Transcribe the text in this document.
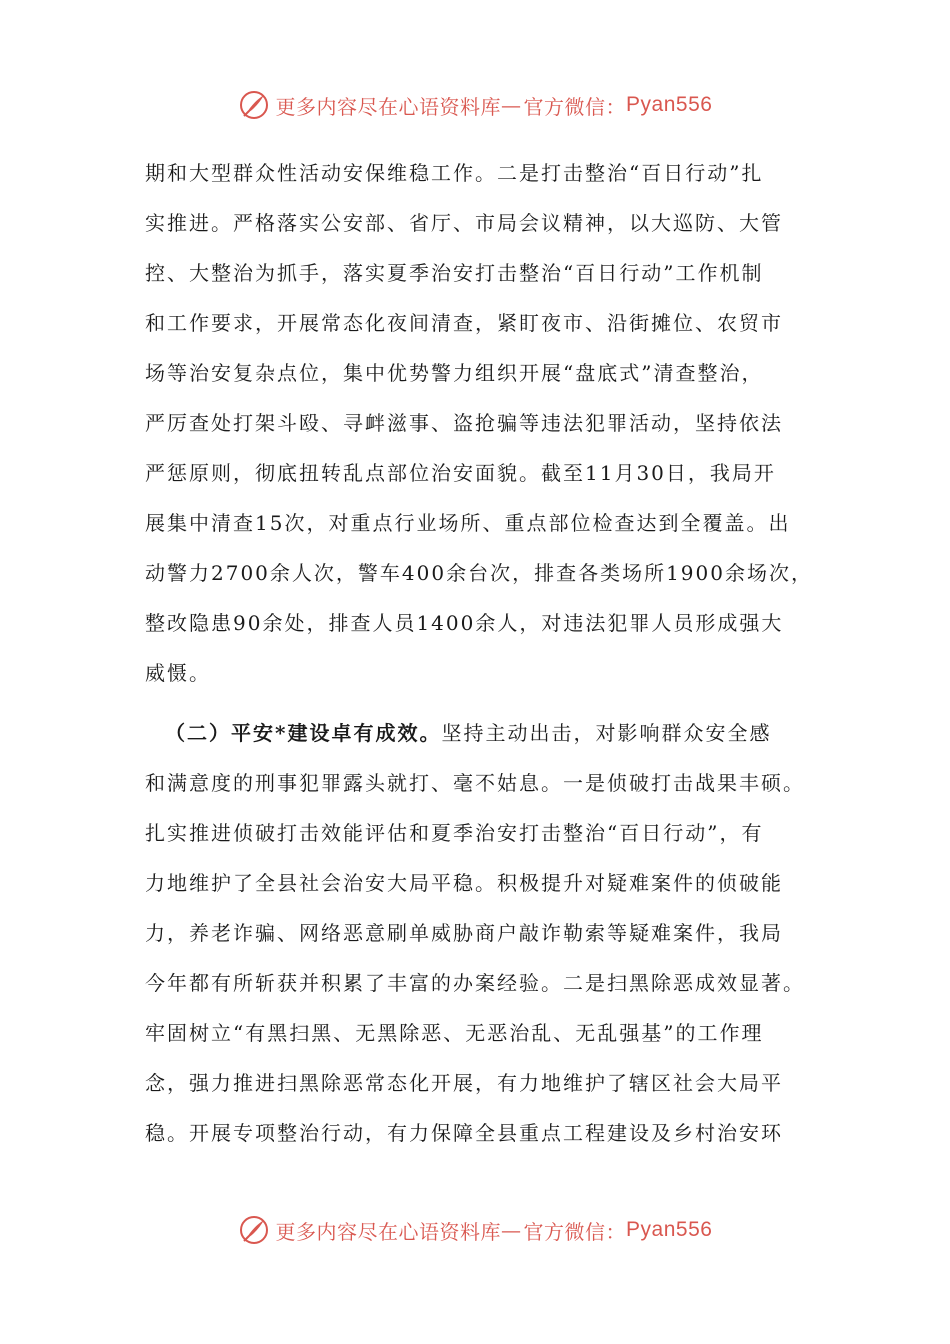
更多内容尽在心语资料库 — 官方微信： Pyan556
期和大型群众性活动安保维稳工作。二是打击整治“百日行动”扎
实推进。严格落实公安部、省厅、市局会议精神，以大巡防、大管
控、大整治为抓手，落实夏季治安打击整治“百日行动”工作机制
和工作要求，开展常态化夜间清查，紧盯夜市、沿街摊位、农贸市
场等治安复杂点位，集中优势警力组织开展“盘底式”清查整治，
严厉查处打架斗殴、寻衅滋事、盗抢骗等违法犯罪活动，坚持依法
严惩原则，彻底扭转乱点部位治安面貌。截至11月30日，我局开
展集中清查15次，对重点行业场所、重点部位检查达到全覆盖。出
动警力2700余人次，警车400余台次，排查各类场所1900余场次，
整改隐患90余处，排查人员1400余人，对违法犯罪人员形成强大
威慑。
（二）平安*建设卓有成效。坚持主动出击，对影响群众安全感
和满意度的刑事犯罪露头就打、毫不姑息。一是侦破打击战果丰硕。
扎实推进侦破打击效能评估和夏季治安打击整治“百日行动”，有
力地维护了全县社会治安大局平稳。积极提升对疑难案件的侦破能
力，养老诈骗、网络恶意刷单威胁商户敲诈勒索等疑难案件，我局
今年都有所斩获并积累了丰富的办案经验。二是扫黑除恶成效显著。
牢固树立“有黑扫黑、无黑除恶、无恶治乱、无乱强基”的工作理
念，强力推进扫黑除恶常态化开展，有力地维护了辖区社会大局平
稳。开展专项整治行动，有力保障全县重点工程建设及乡村治安环
更多内容尽在心语资料库 — 官方微信： Pyan556
